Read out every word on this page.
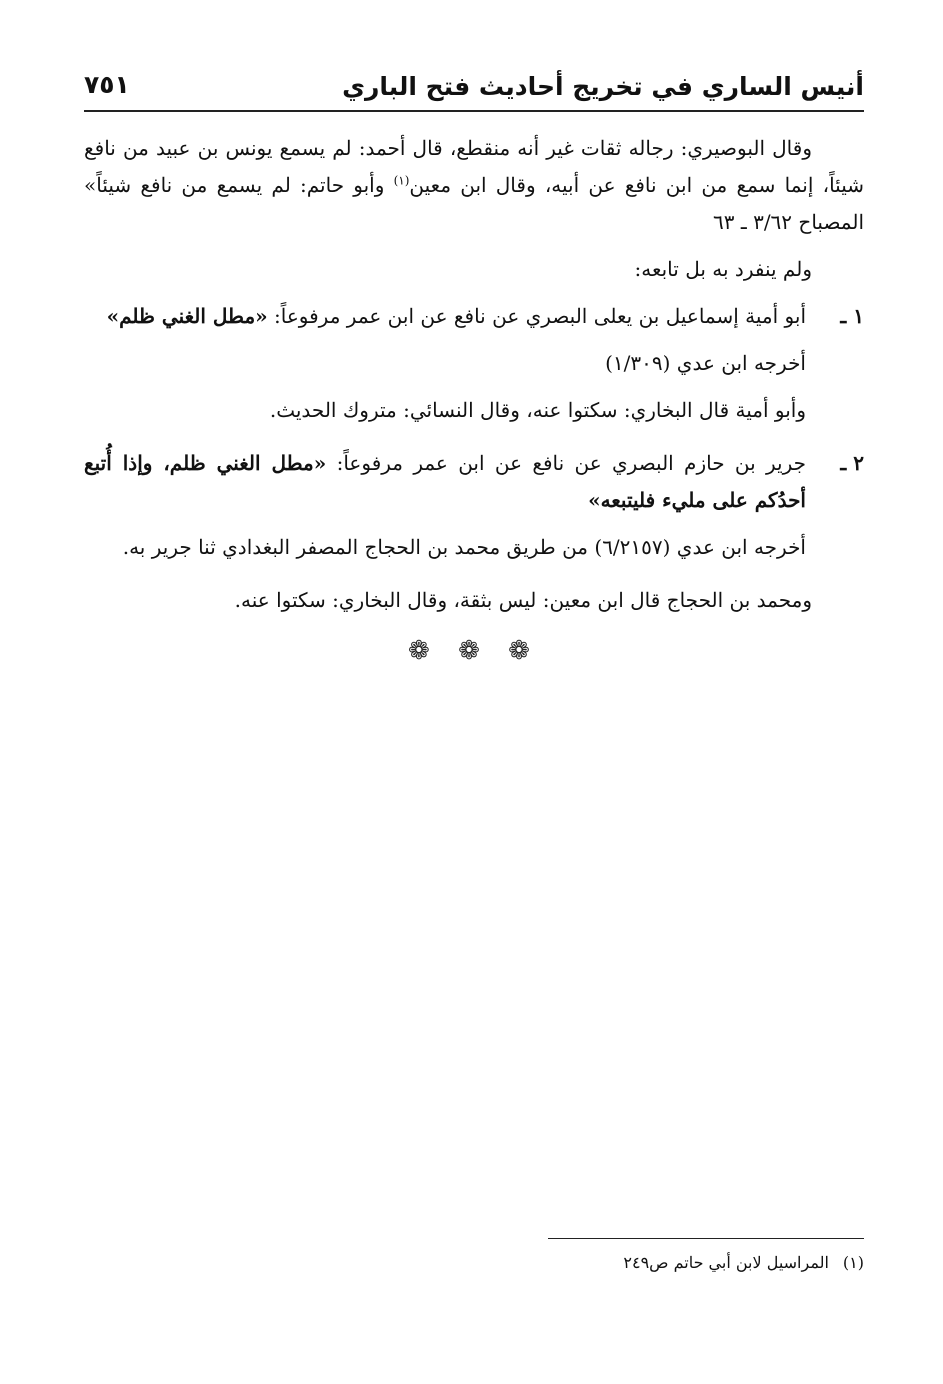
أنيس الساري في تخريج أحاديث فتح الباري
٧٥١

وقال البوصيري: رجاله ثقات غير أنه منقطع، قال أحمد: لم يسمع يونس بن عبيد من نافع شيئاً، إنما سمع من ابن نافع عن أبيه، وقال ابن معين$^{(١)}$ وأبو حاتم: لم يسمع من نافع شيئاً» المصباح ٣/٦٢ ـ ٦٣

ولم ينفرد به بل تابعه:

١ ـ

أبو أمية إسماعيل بن يعلى البصري عن نافع عن ابن عمر مرفوعاً: «مطل الغني ظلم»

أخرجه ابن عدي (١/٣٠٩)

وأبو أمية قال البخاري: سكتوا عنه، وقال النسائي: متروك الحديث.

٢ ـ

جرير بن حازم البصري عن نافع عن ابن عمر مرفوعاً: «مطل الغني ظلم، وإذا أُتبع أحدُكم على مليء فليتبعه»

أخرجه ابن عدي (٦/٢١٥٧) من طريق محمد بن الحجاج المصفر البغدادي ثنا جرير به.

ومحمد بن الحجاج قال ابن معين: ليس بثقة، وقال البخاري: سكتوا عنه.

❁ ❁ ❁
(١)المراسيل لابن أبي حاتم ص٢٤٩
